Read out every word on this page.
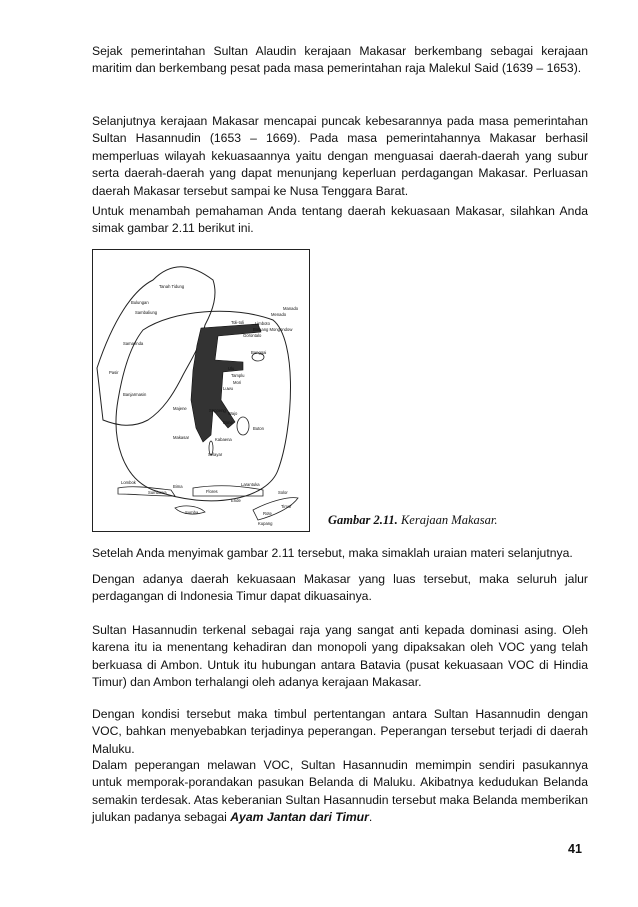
Sejak pemerintahan Sultan Alaudin kerajaan Makasar berkembang sebagai kerajaan maritim dan berkembang pesat pada masa pemerintahan raja Malekul Said (1639 – 1653).

Selanjutnya kerajaan Makasar mencapai puncak kebesarannya pada masa pemerintahan Sultan Hasannudin (1653 – 1669). Pada masa pemerintahannya Makasar berhasil memperluas wilayah kekuasaannya yaitu dengan menguasai daerah-daerah yang subur serta daerah-daerah yang dapat menunjang keperluan perdagangan Makasar. Perluasan daerah Makasar tersebut sampai ke Nusa Tenggara Barat.

Untuk menambah pemahaman Anda tentang daerah kekuasaan Makasar, silahkan Anda simak gambar 2.11 berikut ini.

Tanah Tidung
Bulungan
Sambaliung
Samarinda
Pasir
Banjarmasin
Manado
Menado
Limboto
Gorontalo
Bolaang Mongondow
Toli-toli
Banggai
Ulu
Tamplu
Mori
Luwu
Majene	Soppeng
Wajo
Buton
Bone
Makasar	Kabaena
Selayar
Lombok
Sumbawa
Bima
Flores
Larantuka
Solor
Ende
Sumba	Rote
Kupang
Timor
Gambar 2.11. Kerajaan Makasar.

Setelah Anda menyimak gambar 2.11 tersebut, maka simaklah uraian materi selanjutnya.

Dengan adanya daerah kekuasaan Makasar yang luas tersebut, maka seluruh jalur perdagangan di Indonesia Timur dapat dikuasainya.

Sultan Hasannudin terkenal sebagai raja yang sangat anti kepada dominasi asing. Oleh karena itu ia menentang kehadiran dan monopoli yang dipaksakan oleh VOC yang telah berkuasa di Ambon. Untuk itu hubungan antara Batavia (pusat kekuasaan VOC di Hindia Timur) dan Ambon terhalangi oleh adanya kerajaan Makasar.

Dengan kondisi tersebut maka timbul pertentangan antara Sultan Hasannudin dengan VOC, bahkan menyebabkan terjadinya peperangan. Peperangan tersebut terjadi di daerah Maluku.

Dalam peperangan melawan VOC, Sultan Hasannudin memimpin sendiri pasukannya untuk memporak-porandakan pasukan Belanda di Maluku. Akibatnya kedudukan Belanda semakin terdesak. Atas keberanian Sultan Hasannudin tersebut maka Belanda memberikan julukan padanya sebagai Ayam Jantan dari Timur.

41
